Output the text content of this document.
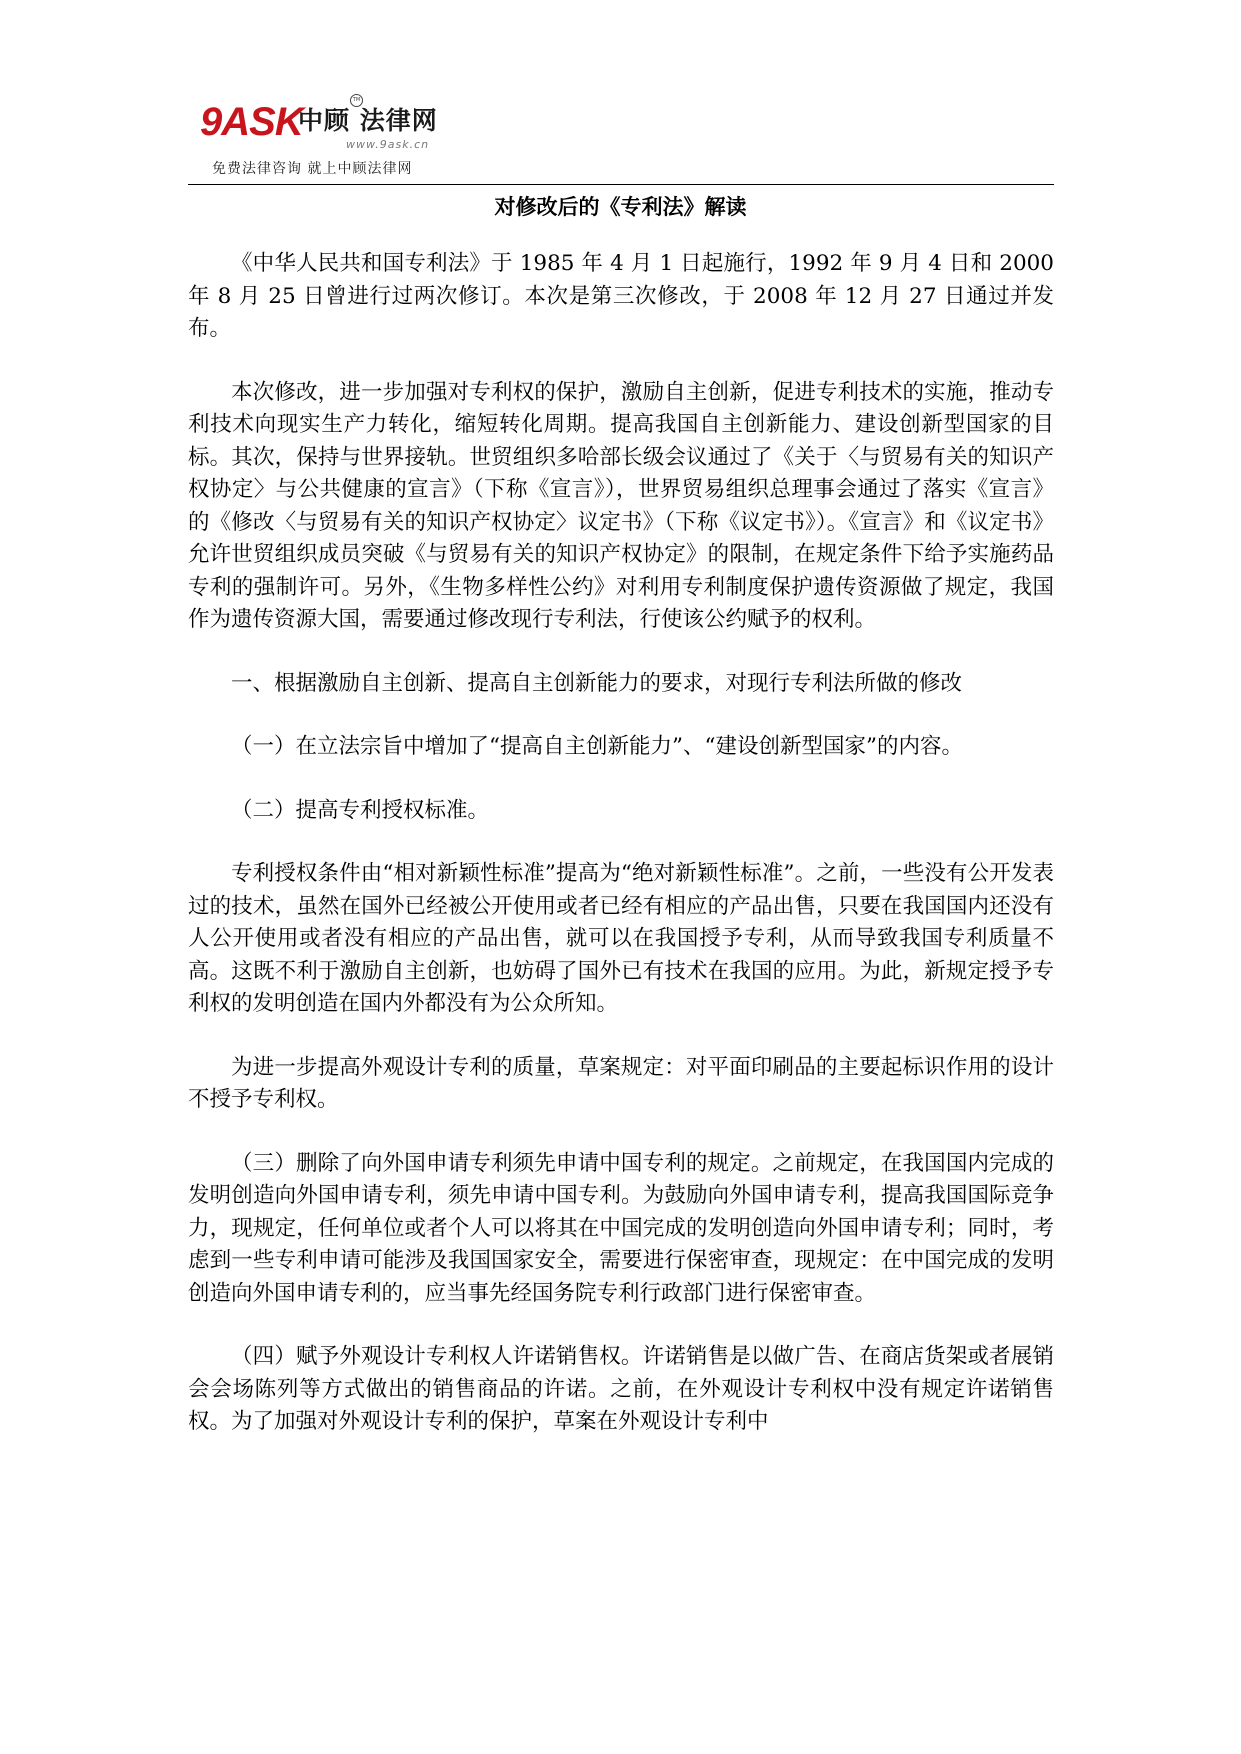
9ASK
中顾 法律网
TM
www.9ask.cn
免费法律咨询 就上中顾法律网
对修改后的《专利法》解读

《中华人民共和国专利法》于 1985 年 4 月 1 日起施行，1992 年 9 月 4 日和 2000 年 8 月 25 日曾进行过两次修订。本次是第三次修改，于 2008 年 12 月 27 日通过并发布。

本次修改，进一步加强对专利权的保护，激励自主创新，促进专利技术的实施，推动专利技术向现实生产力转化，缩短转化周期。提高我国自主创新能力、建设创新型国家的目标。其次，保持与世界接轨。世贸组织多哈部长级会议通过了《关于〈与贸易有关的知识产权协定〉与公共健康的宣言》（下称《宣言》），世界贸易组织总理事会通过了落实《宣言》的《修改〈与贸易有关的知识产权协定〉议定书》（下称《议定书》）。《宣言》和《议定书》允许世贸组织成员突破《与贸易有关的知识产权协定》的限制，在规定条件下给予实施药品专利的强制许可。另外，《生物多样性公约》对利用专利制度保护遗传资源做了规定，我国作为遗传资源大国，需要通过修改现行专利法，行使该公约赋予的权利。

一、根据激励自主创新、提高自主创新能力的要求，对现行专利法所做的修改

（一）在立法宗旨中增加了“提高自主创新能力”、“建设创新型国家”的内容。

（二）提高专利授权标准。

专利授权条件由“相对新颖性标准”提高为“绝对新颖性标准”。之前，一些没有公开发表过的技术，虽然在国外已经被公开使用或者已经有相应的产品出售，只要在我国国内还没有人公开使用或者没有相应的产品出售，就可以在我国授予专利，从而导致我国专利质量不高。这既不利于激励自主创新，也妨碍了国外已有技术在我国的应用。为此，新规定授予专利权的发明创造在国内外都没有为公众所知。

为进一步提高外观设计专利的质量，草案规定：对平面印刷品的主要起标识作用的设计不授予专利权。

（三）删除了向外国申请专利须先申请中国专利的规定。之前规定，在我国国内完成的发明创造向外国申请专利，须先申请中国专利。为鼓励向外国申请专利，提高我国国际竞争力，现规定，任何单位或者个人可以将其在中国完成的发明创造向外国申请专利；同时，考虑到一些专利申请可能涉及我国国家安全，需要进行保密审查，现规定：在中国完成的发明创造向外国申请专利的，应当事先经国务院专利行政部门进行保密审查。

（四）赋予外观设计专利权人许诺销售权。许诺销售是以做广告、在商店货架或者展销会会场陈列等方式做出的销售商品的许诺。之前，在外观设计专利权中没有规定许诺销售权。为了加强对外观设计专利的保护，草案在外观设计专利中
